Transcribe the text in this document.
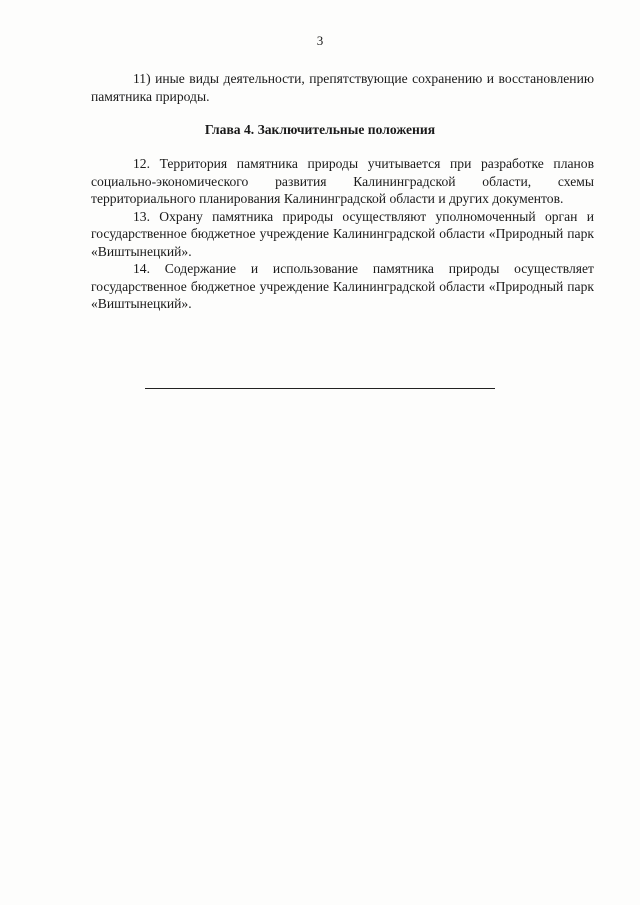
3

11) иные виды деятельности, препятствующие сохранению и восстановлению памятника природы.

Глава 4. Заключительные положения

12. Территория памятника природы учитывается при разработке планов социально-экономического развития Калининградской области, схемы территориального планирования Калининградской области и других документов.

13. Охрану памятника природы осуществляют уполномоченный орган и государственное бюджетное учреждение Калининградской области «Природный парк «Виштынецкий».

14. Содержание и использование памятника природы осуществляет государственное бюджетное учреждение Калининградской области «Природный парк «Виштынецкий».
